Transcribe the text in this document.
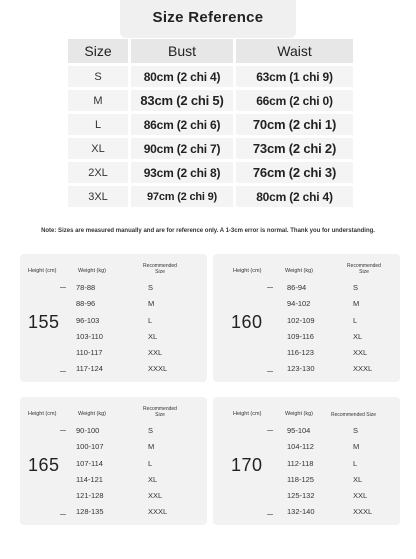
Size Reference
Size	Bust	Waist
S	80cm (2 chi 4)	63cm (1 chi 9)
M	83cm (2 chi 5)	66cm (2 chi 0)
L	86cm (2 chi 6)	70cm (2 chi 1)
XL	90cm (2 chi 7)	73cm (2 chi 2)
2XL	93cm (2 chi 8)	76cm (2 chi 3)
3XL	97cm (2 chi 9)	80cm (2 chi 4)
Note: Sizes are measured manually and are for reference only. A 1-3cm error is normal. Thank you for understanding.
Height (cm)	Weight (kg)
Recommended Size
155
78-88	S
88-96	M
96-103	L
103-110	XL
110-117	XXL
117-124	XXXL
Height (cm)	Weight (kg)
Recommended Size
160
86-94	S
94-102	M
102-109	L
109-116	XL
116-123	XXL
123-130	XXXL
Height (cm)	Weight (kg)
Recommended Size
165
90-100	S
100-107	M
107-114	L
114-121	XL
121-128	XXL
128-135	XXXL
Height (cm)	Weight (kg)	Recommended Size
170
95-104	S
104-112	M
112-118	L
118-125	XL
125-132	XXL
132-140	XXXL
